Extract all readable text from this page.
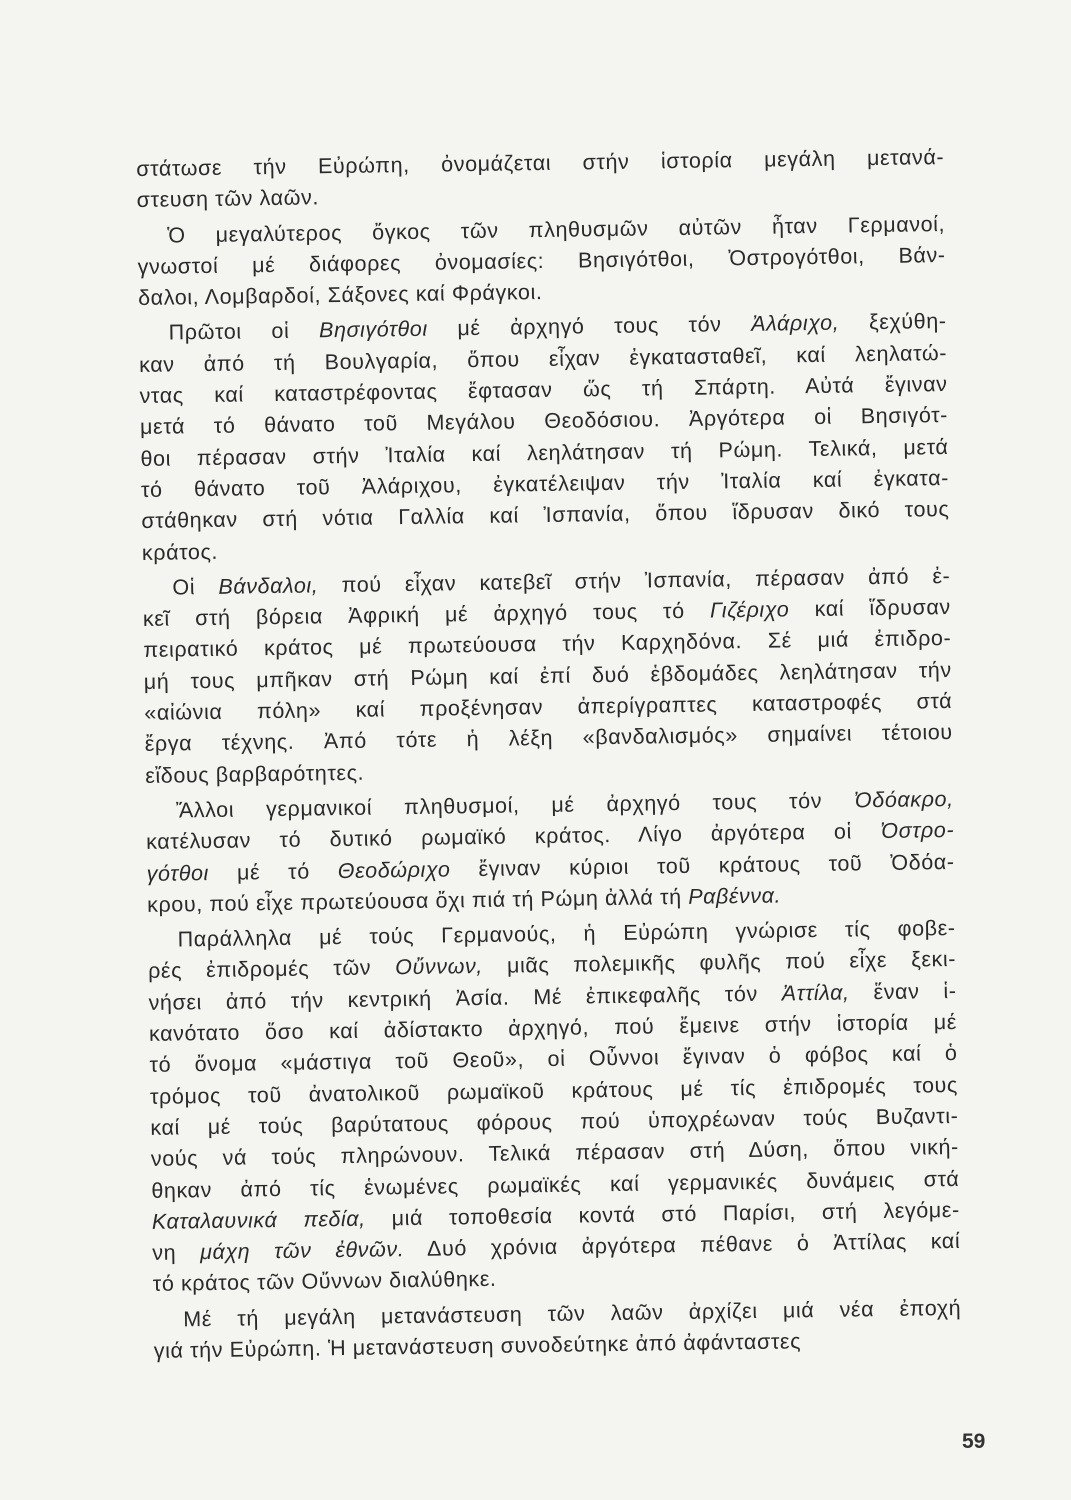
στάτωσε τήν Εὐρώπη, ὀνομάζεται στήν ἱστορία μεγάλη μετανά-
στευση τῶν λαῶν.
Ὁ μεγαλύτερος ὄγκος τῶν πληθυσμῶν αὐτῶν ἦταν Γερμανοί,
γνωστοί μέ διάφορες ὀνομασίες: Βησιγότθοι, Ὀστρογότθοι, Βάν-
δαλοι, Λομβαρδοί, Σάξονες καί Φράγκοι.
Πρῶτοι οἱ Βησιγότθοι μέ ἀρχηγό τους τόν Ἀλάριχο, ξεχύθη-
καν ἀπό τή Βουλγαρία, ὅπου εἶχαν ἐγκατασταθεῖ, καί λεηλατώ-
ντας καί καταστρέφοντας ἔφτασαν ὥς τή Σπάρτη. Αὐτά ἔγιναν
μετά τό θάνατο τοῦ Μεγάλου Θεοδόσιου. Ἀργότερα οἱ Βησιγότ-
θοι πέρασαν στήν Ἰταλία καί λεηλάτησαν τή Ρώμη. Τελικά, μετά
τό θάνατο τοῦ Ἀλάριχου, ἐγκατέλειψαν τήν Ἰταλία καί ἐγκατα-
στάθηκαν στή νότια Γαλλία καί Ἰσπανία, ὅπου ἵδρυσαν δικό τους
κράτος.
Οἱ Βάνδαλοι, πού εἶχαν κατεβεῖ στήν Ἰσπανία, πέρασαν ἀπό ἐ-
κεῖ στή βόρεια Ἀφρική μέ ἀρχηγό τους τό Γιζέριχο καί ἵδρυσαν
πειρατικό κράτος μέ πρωτεύουσα τήν Καρχηδόνα. Σέ μιά ἐπιδρο-
μή τους μπῆκαν στή Ρώμη καί ἐπί δυό ἑβδομάδες λεηλάτησαν τήν
«αἰώνια πόλη» καί προξένησαν ἀπερίγραπτες καταστροφές στά
ἔργα τέχνης. Ἀπό τότε ἡ λέξη «βανδαλισμός» σημαίνει τέτοιου
εἴδους βαρβαρότητες.
Ἄλλοι γερμανικοί πληθυσμοί, μέ ἀρχηγό τους τόν Ὀδόακρο,
κατέλυσαν τό δυτικό ρωμαϊκό κράτος. Λίγο ἀργότερα οἱ Ὀστρο-
γότθοι μέ τό Θεοδώριχο ἔγιναν κύριοι τοῦ κράτους τοῦ Ὀδόα-
κρου, πού εἶχε πρωτεύουσα ὄχι πιά τή Ρώμη ἀλλά τή Ραβέννα.
Παράλληλα μέ τούς Γερμανούς, ἡ Εὐρώπη γνώρισε τίς φοβε-
ρές ἐπιδρομές τῶν Οὔννων, μιᾶς πολεμικῆς φυλῆς πού εἶχε ξεκι-
νήσει ἀπό τήν κεντρική Ἀσία. Μέ ἐπικεφαλῆς τόν Ἀττίλα, ἕναν ἱ-
κανότατο ὅσο καί ἀδίστακτο ἀρχηγό, πού ἔμεινε στήν ἱστορία μέ
τό ὄνομα «μάστιγα τοῦ Θεοῦ», οἱ Οὖννοι ἔγιναν ὁ φόβος καί ὁ
τρόμος τοῦ ἀνατολικοῦ ρωμαϊκοῦ κράτους μέ τίς ἐπιδρομές τους
καί μέ τούς βαρύτατους φόρους πού ὑποχρέωναν τούς Βυζαντι-
νούς νά τούς πληρώνουν. Τελικά πέρασαν στή Δύση, ὅπου νική-
θηκαν ἀπό τίς ἑνωμένες ρωμαϊκές καί γερμανικές δυνάμεις στά
Καταλαυνικά πεδία, μιά τοποθεσία κοντά στό Παρίσι, στή λεγόμε-
νη μάχη τῶν ἐθνῶν. Δυό χρόνια ἀργότερα πέθανε ὁ Ἀττίλας καί
τό κράτος τῶν Οὔννων διαλύθηκε.
Μέ τή μεγάλη μετανάστευση τῶν λαῶν ἀρχίζει μιά νέα ἐποχή
γιά τήν Εὐρώπη. Ἡ μετανάστευση συνοδεύτηκε ἀπό ἀφάνταστες
59
